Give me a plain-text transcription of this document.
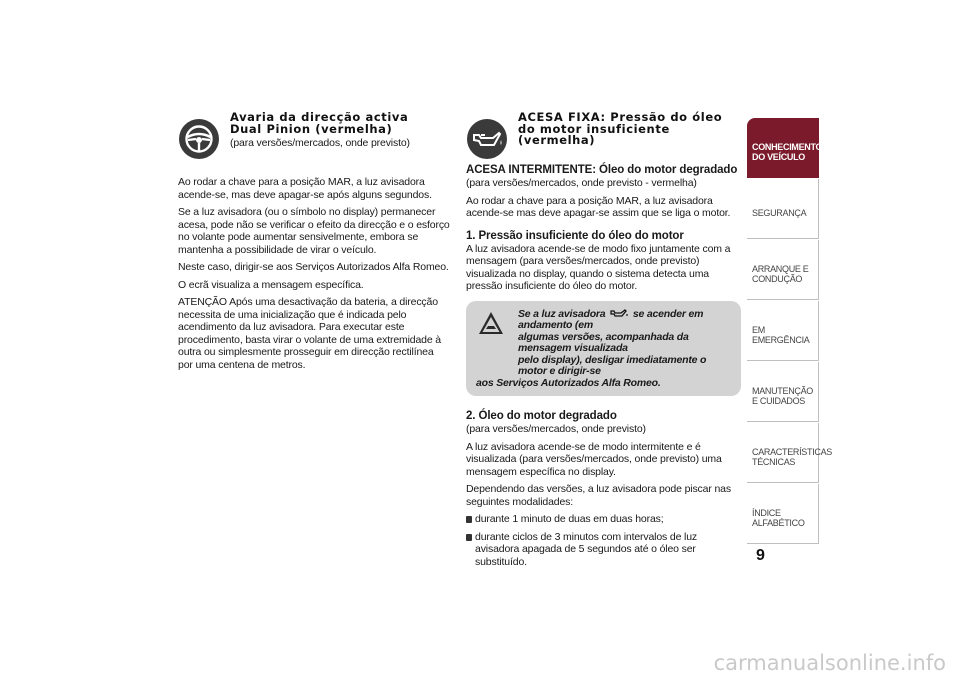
Avaria da direcção activa
Dual Pinion (vermelha)
(para versões/mercados, onde previsto)

Ao rodar a chave para a posição MAR, a luz avisadora acende-se, mas deve apagar-se após alguns segundos.

Se a luz avisadora (ou o símbolo no display) permanecer acesa, pode não se verificar o efeito da direcção e o esforço no volante pode aumentar sensivelmente, embora se mantenha a possibilidade de virar o veículo.

Neste caso, dirigir-se aos Serviços Autorizados Alfa Romeo.

O ecrã visualiza a mensagem específica.

ATENÇÃO Após uma desactivação da bateria, a direcção necessita de uma inicialização que é indicada pelo acendimento da luz avisadora. Para executar este procedimento, basta virar o volante de uma extremidade à outra ou simplesmente prosseguir em direcção rectilínea por uma centena de metros.

ACESA FIXA: Pressão do óleo
do motor insuficiente
(vermelha)
ACESA INTERMITENTE: Óleo do motor degradado

(para versões/mercados, onde previsto - vermelha)

Ao rodar a chave para a posição MAR, a luz avisadora acende-se mas deve apagar-se assim que se liga o motor.

1. Pressão insuficiente do óleo do motor

A luz avisadora acende-se de modo fixo juntamente com a mensagem (para versões/mercados, onde previsto) visualizada no display, quando o sistema detecta uma pressão insuficiente do óleo do motor.

Se a luz avisadora	se acender em andamento (em
algumas versões, acompanhada da mensagem visualizada
pelo display), desligar imediatamente o motor e dirigir-se
aos Serviços Autorizados Alfa Romeo.
2. Óleo do motor degradado

(para versões/mercados, onde previsto)

A luz avisadora acende-se de modo intermitente e é visualizada (para versões/mercados, onde previsto) uma mensagem específica no display.

Dependendo das versões, a luz avisadora pode piscar nas seguintes modalidades:

durante 1 minuto de duas em duas horas;

durante ciclos de 3 minutos com intervalos de luz avisadora apagada de 5 segundos até o óleo ser substituído.

CONHECIMENTO DO VEÍCULO
SEGURANÇA
ARRANQUE E CONDUÇÃO
EM EMERGÊNCIA
MANUTENÇÃO E CUIDADOS
CARACTERÍSTICAS TÉCNICAS
ÍNDICE ALFABÉTICO
9
carmanualsonline.info
